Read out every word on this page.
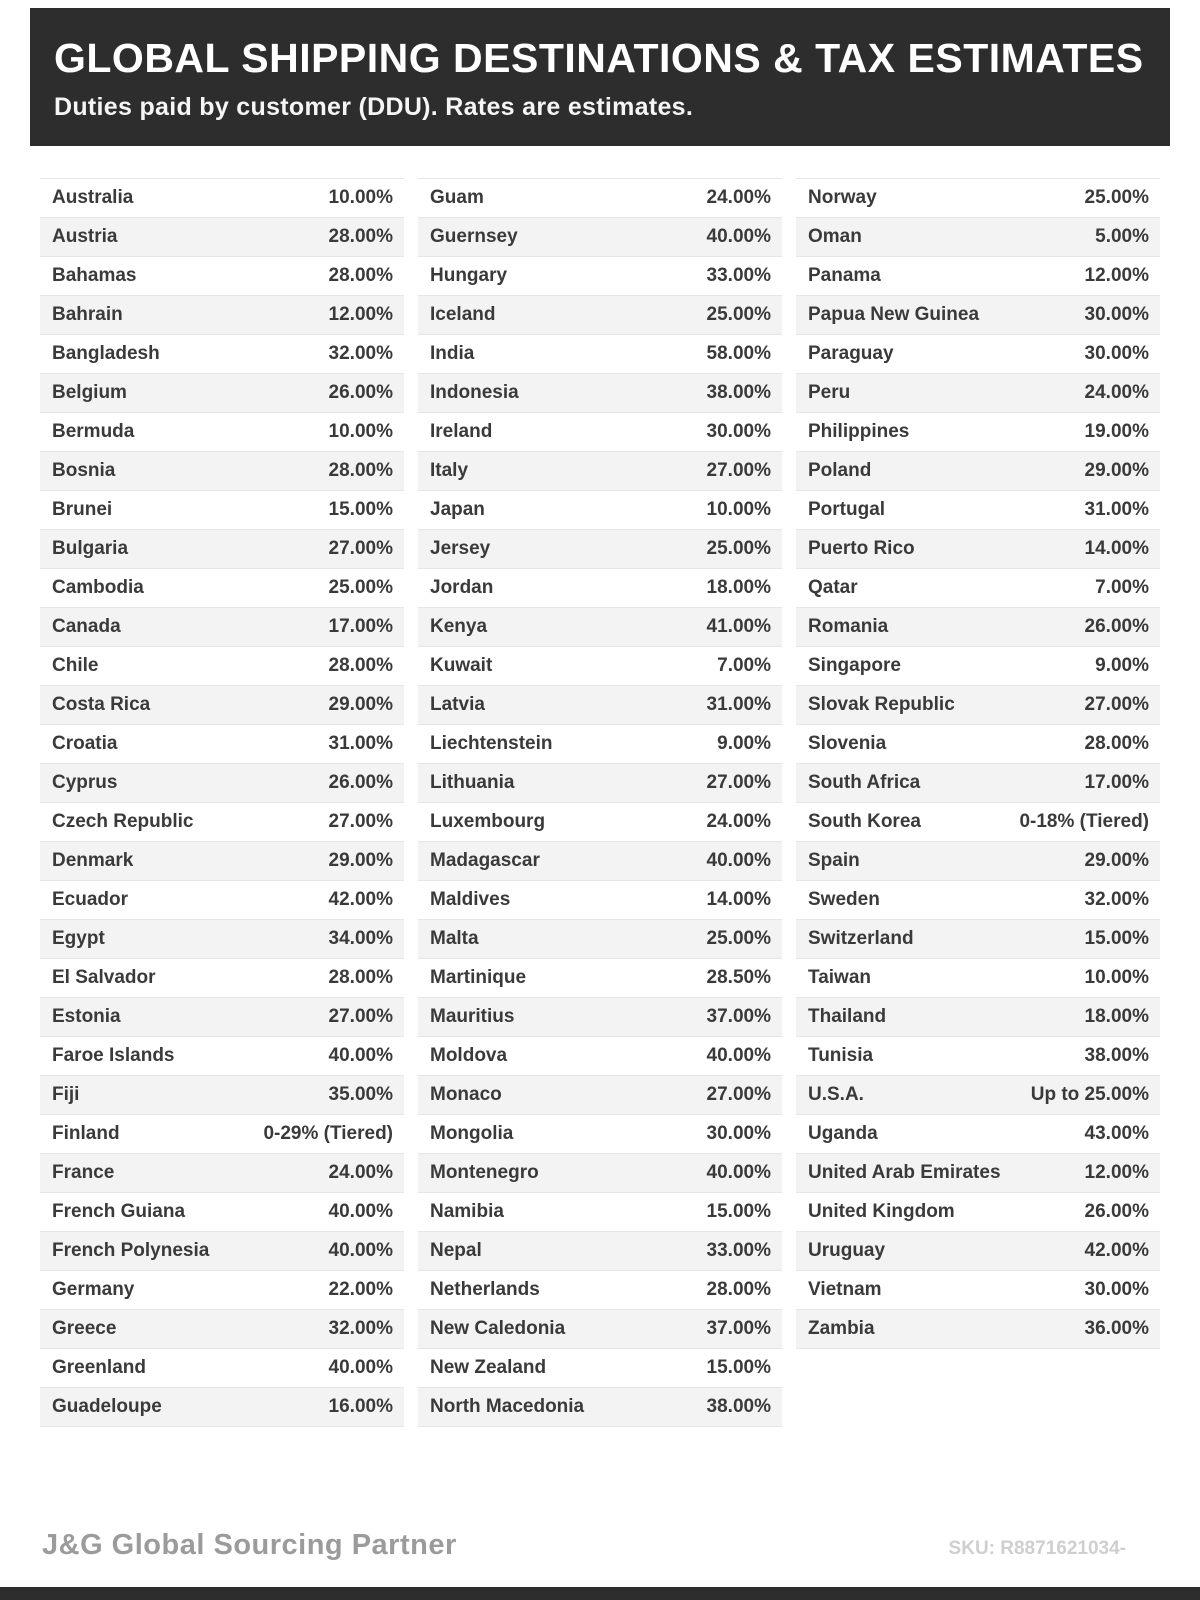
GLOBAL SHIPPING DESTINATIONS & TAX ESTIMATES
Duties paid by customer (DDU). Rates are estimates.
Australia	10.00%
Austria	28.00%
Bahamas	28.00%
Bahrain	12.00%
Bangladesh	32.00%
Belgium	26.00%
Bermuda	10.00%
Bosnia	28.00%
Brunei	15.00%
Bulgaria	27.00%
Cambodia	25.00%
Canada	17.00%
Chile	28.00%
Costa Rica	29.00%
Croatia	31.00%
Cyprus	26.00%
Czech Republic	27.00%
Denmark	29.00%
Ecuador	42.00%
Egypt	34.00%
El Salvador	28.00%
Estonia	27.00%
Faroe Islands	40.00%
Fiji	35.00%
Finland	0-29% (Tiered)
France	24.00%
French Guiana	40.00%
French Polynesia	40.00%
Germany	22.00%
Greece	32.00%
Greenland	40.00%
Guadeloupe	16.00%
Guam	24.00%
Guernsey	40.00%
Hungary	33.00%
Iceland	25.00%
India	58.00%
Indonesia	38.00%
Ireland	30.00%
Italy	27.00%
Japan	10.00%
Jersey	25.00%
Jordan	18.00%
Kenya	41.00%
Kuwait	7.00%
Latvia	31.00%
Liechtenstein	9.00%
Lithuania	27.00%
Luxembourg	24.00%
Madagascar	40.00%
Maldives	14.00%
Malta	25.00%
Martinique	28.50%
Mauritius	37.00%
Moldova	40.00%
Monaco	27.00%
Mongolia	30.00%
Montenegro	40.00%
Namibia	15.00%
Nepal	33.00%
Netherlands	28.00%
New Caledonia	37.00%
New Zealand	15.00%
North Macedonia	38.00%
Norway	25.00%
Oman	5.00%
Panama	12.00%
Papua New Guinea	30.00%
Paraguay	30.00%
Peru	24.00%
Philippines	19.00%
Poland	29.00%
Portugal	31.00%
Puerto Rico	14.00%
Qatar	7.00%
Romania	26.00%
Singapore	9.00%
Slovak Republic	27.00%
Slovenia	28.00%
South Africa	17.00%
South Korea	0-18% (Tiered)
Spain	29.00%
Sweden	32.00%
Switzerland	15.00%
Taiwan	10.00%
Thailand	18.00%
Tunisia	38.00%
U.S.A.	Up to 25.00%
Uganda	43.00%
United Arab Emirates	12.00%
United Kingdom	26.00%
Uruguay	42.00%
Vietnam	30.00%
Zambia	36.00%
J&G Global Sourcing Partner	SKU: R8871621034-
